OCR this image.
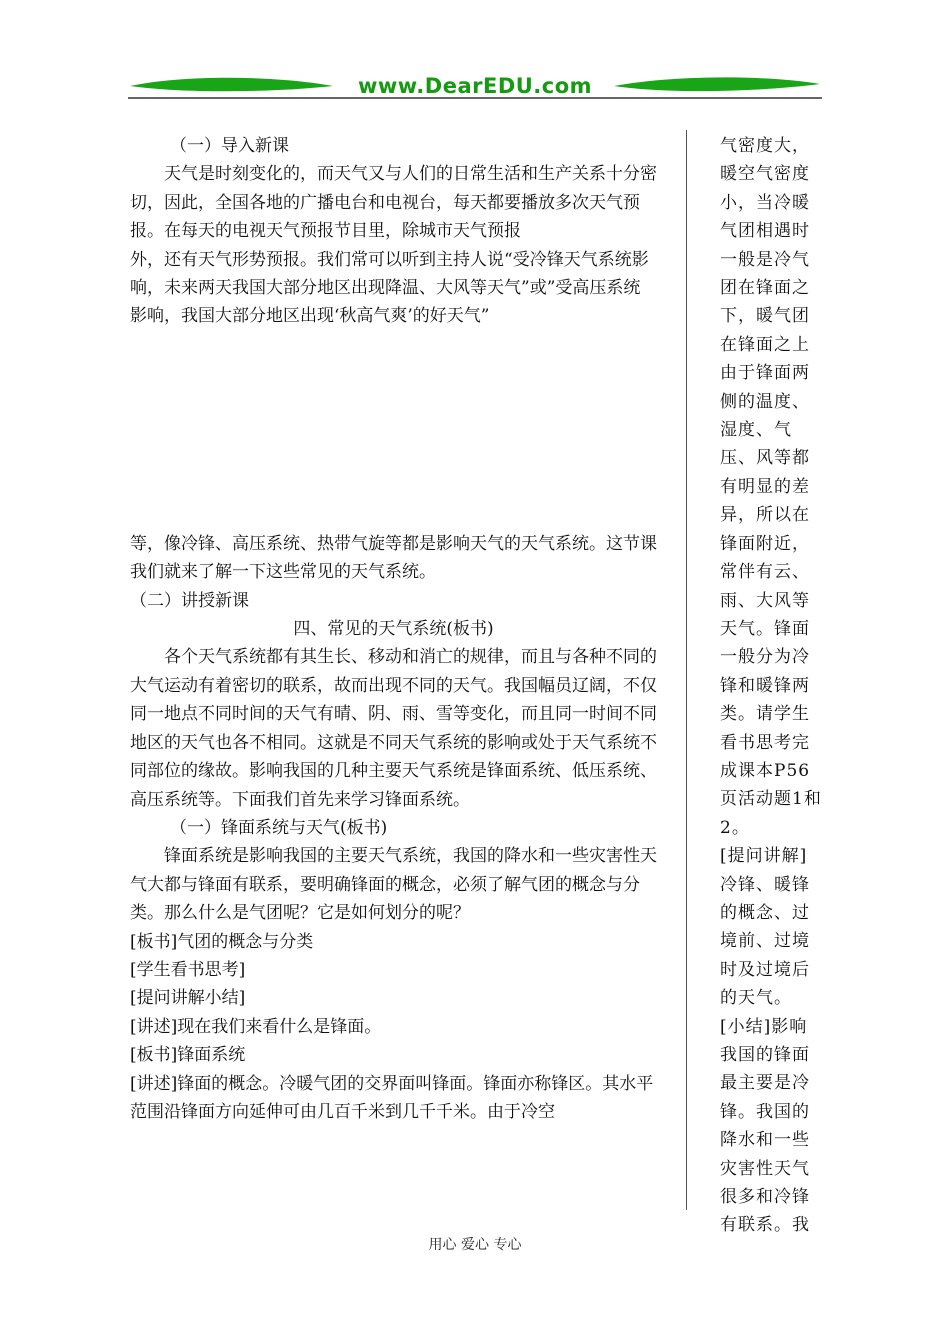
www.DearEDU.com

（一）导入新课

天气是时刻变化的，而天气又与人们的日常生活和生产关系十分密切，因此，全国各地的广播电台和电视台，每天都要播放多次天气预报。在每天的电视天气预报节目里，除城市天气预报

外，还有天气形势预报。我们常可以听到主持人说“受冷锋天气系统影响，未来两天我国大部分地区出现降温、大风等天气”或”受高压系统影响，我国大部分地区出现‘秋高气爽’的好天气”

等，像冷锋、高压系统、热带气旋等都是影响天气的天气系统。这节课我们就来了解一下这些常见的天气系统。

（二）讲授新课

四、常见的天气系统(板书)

各个天气系统都有其生长、移动和消亡的规律，而且与各种不同的大气运动有着密切的联系，故而出现不同的天气。我国幅员辽阔，不仅同一地点不同时间的天气有晴、阴、雨、雪等变化，而且同一时间不同地区的天气也各不相同。这就是不同天气系统的影响或处于天气系统不同部位的缘故。影响我国的几种主要天气系统是锋面系统、低压系统、高压系统等。下面我们首先来学习锋面系统。

（一）锋面系统与天气(板书)

锋面系统是影响我国的主要天气系统，我国的降水和一些灾害性天气大都与锋面有联系，要明确锋面的概念，必须了解气团的概念与分类。那么什么是气团呢？它是如何划分的呢？

[板书]气团的概念与分类

[学生看书思考]

[提问讲解小结]

[讲述]现在我们来看什么是锋面。

[板书]锋面系统

[讲述]锋面的概念。冷暖气团的交界面叫锋面。锋面亦称锋区。其水平范围沿锋面方向延伸可由几百千米到几千千米。由于冷空

气密度大，暖空气密度小，当冷暖气团相遇时一般是冷气团在锋面之下，暖气团在锋面之上由于锋面两侧的温度、湿度、气压、风等都有明显的差异，所以在锋面附近，常伴有云、雨、大风等天气。锋面一般分为冷锋和暖锋两类。请学生看书思考完成课本P56页活动题1和2。

[提问讲解]冷锋、暖锋的概念、过境前、过境时及过境后的天气。

[小结]影响我国的锋面最主要是冷锋。我国的降水和一些灾害性天气很多和冷锋有联系。我

用心 爱心 专心
